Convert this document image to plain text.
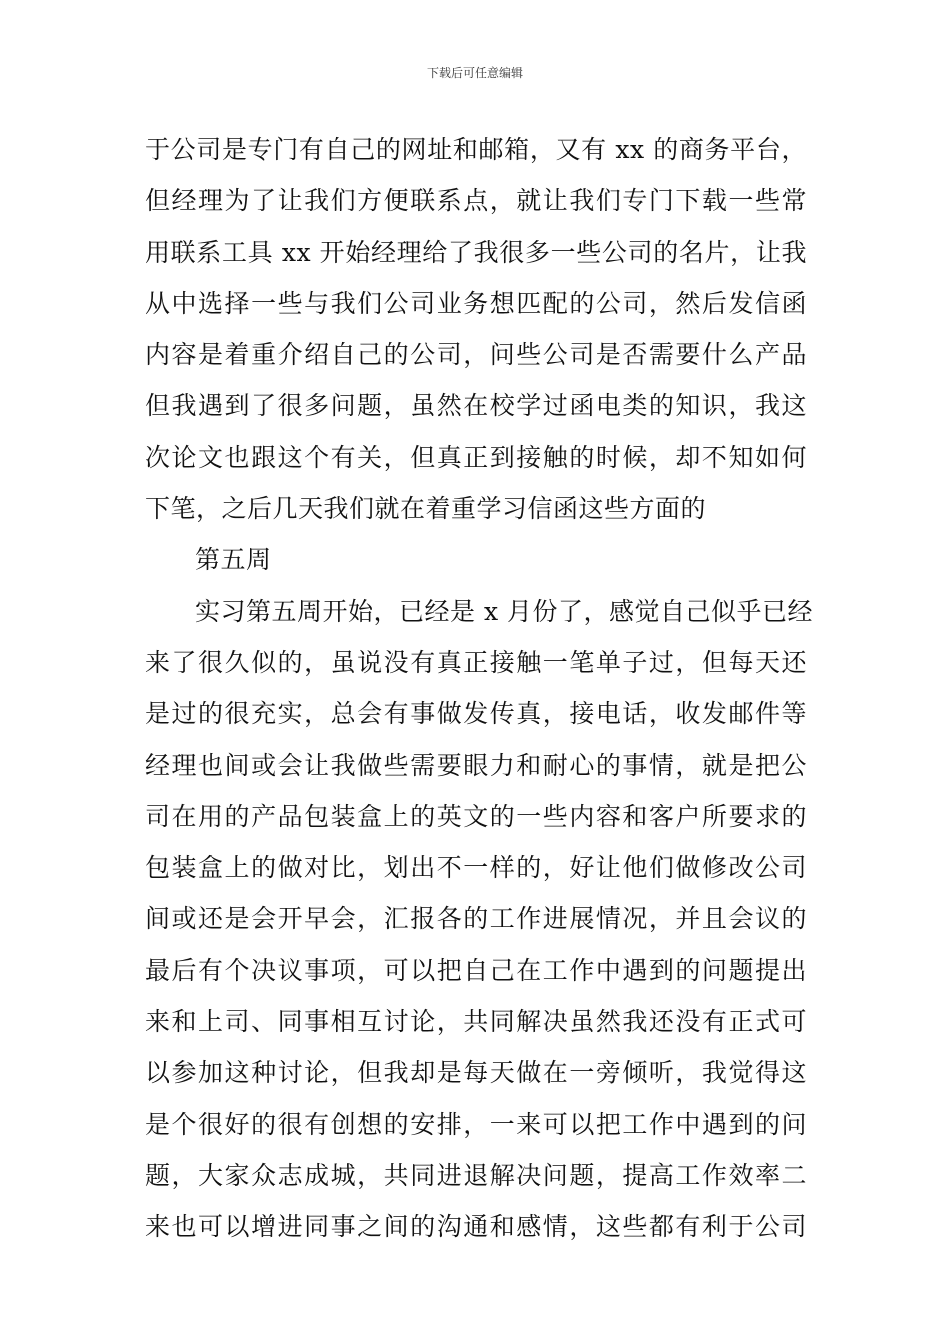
下载后可任意编辑
于公司是专门有自己的网址和邮箱，又有 xx 的商务平台，
但经理为了让我们方便联系点，就让我们专门下载一些常
用联系工具 xx 开始经理给了我很多一些公司的名片，让我
从中选择一些与我们公司业务想匹配的公司，然后发信函
内容是着重介绍自己的公司，问些公司是否需要什么产品
但我遇到了很多问题，虽然在校学过函电类的知识，我这
次论文也跟这个有关，但真正到接触的时候，却不知如何
下笔，之后几天我们就在着重学习信函这些方面的
第五周
实习第五周开始，已经是 x 月份了，感觉自己似乎已经
来了很久似的，虽说没有真正接触一笔单子过，但每天还
是过的很充实，总会有事做发传真，接电话，收发邮件等
经理也间或会让我做些需要眼力和耐心的事情，就是把公
司在用的产品包装盒上的英文的一些内容和客户所要求的
包装盒上的做对比，划出不一样的，好让他们做修改公司
间或还是会开早会，汇报各的工作进展情况，并且会议的
最后有个决议事项，可以把自己在工作中遇到的问题提出
来和上司、同事相互讨论，共同解决虽然我还没有正式可
以参加这种讨论，但我却是每天做在一旁倾听，我觉得这
是个很好的很有创想的安排，一来可以把工作中遇到的问
题，大家众志成城，共同进退解决问题，提高工作效率二
来也可以增进同事之间的沟通和感情，这些都有利于公司
